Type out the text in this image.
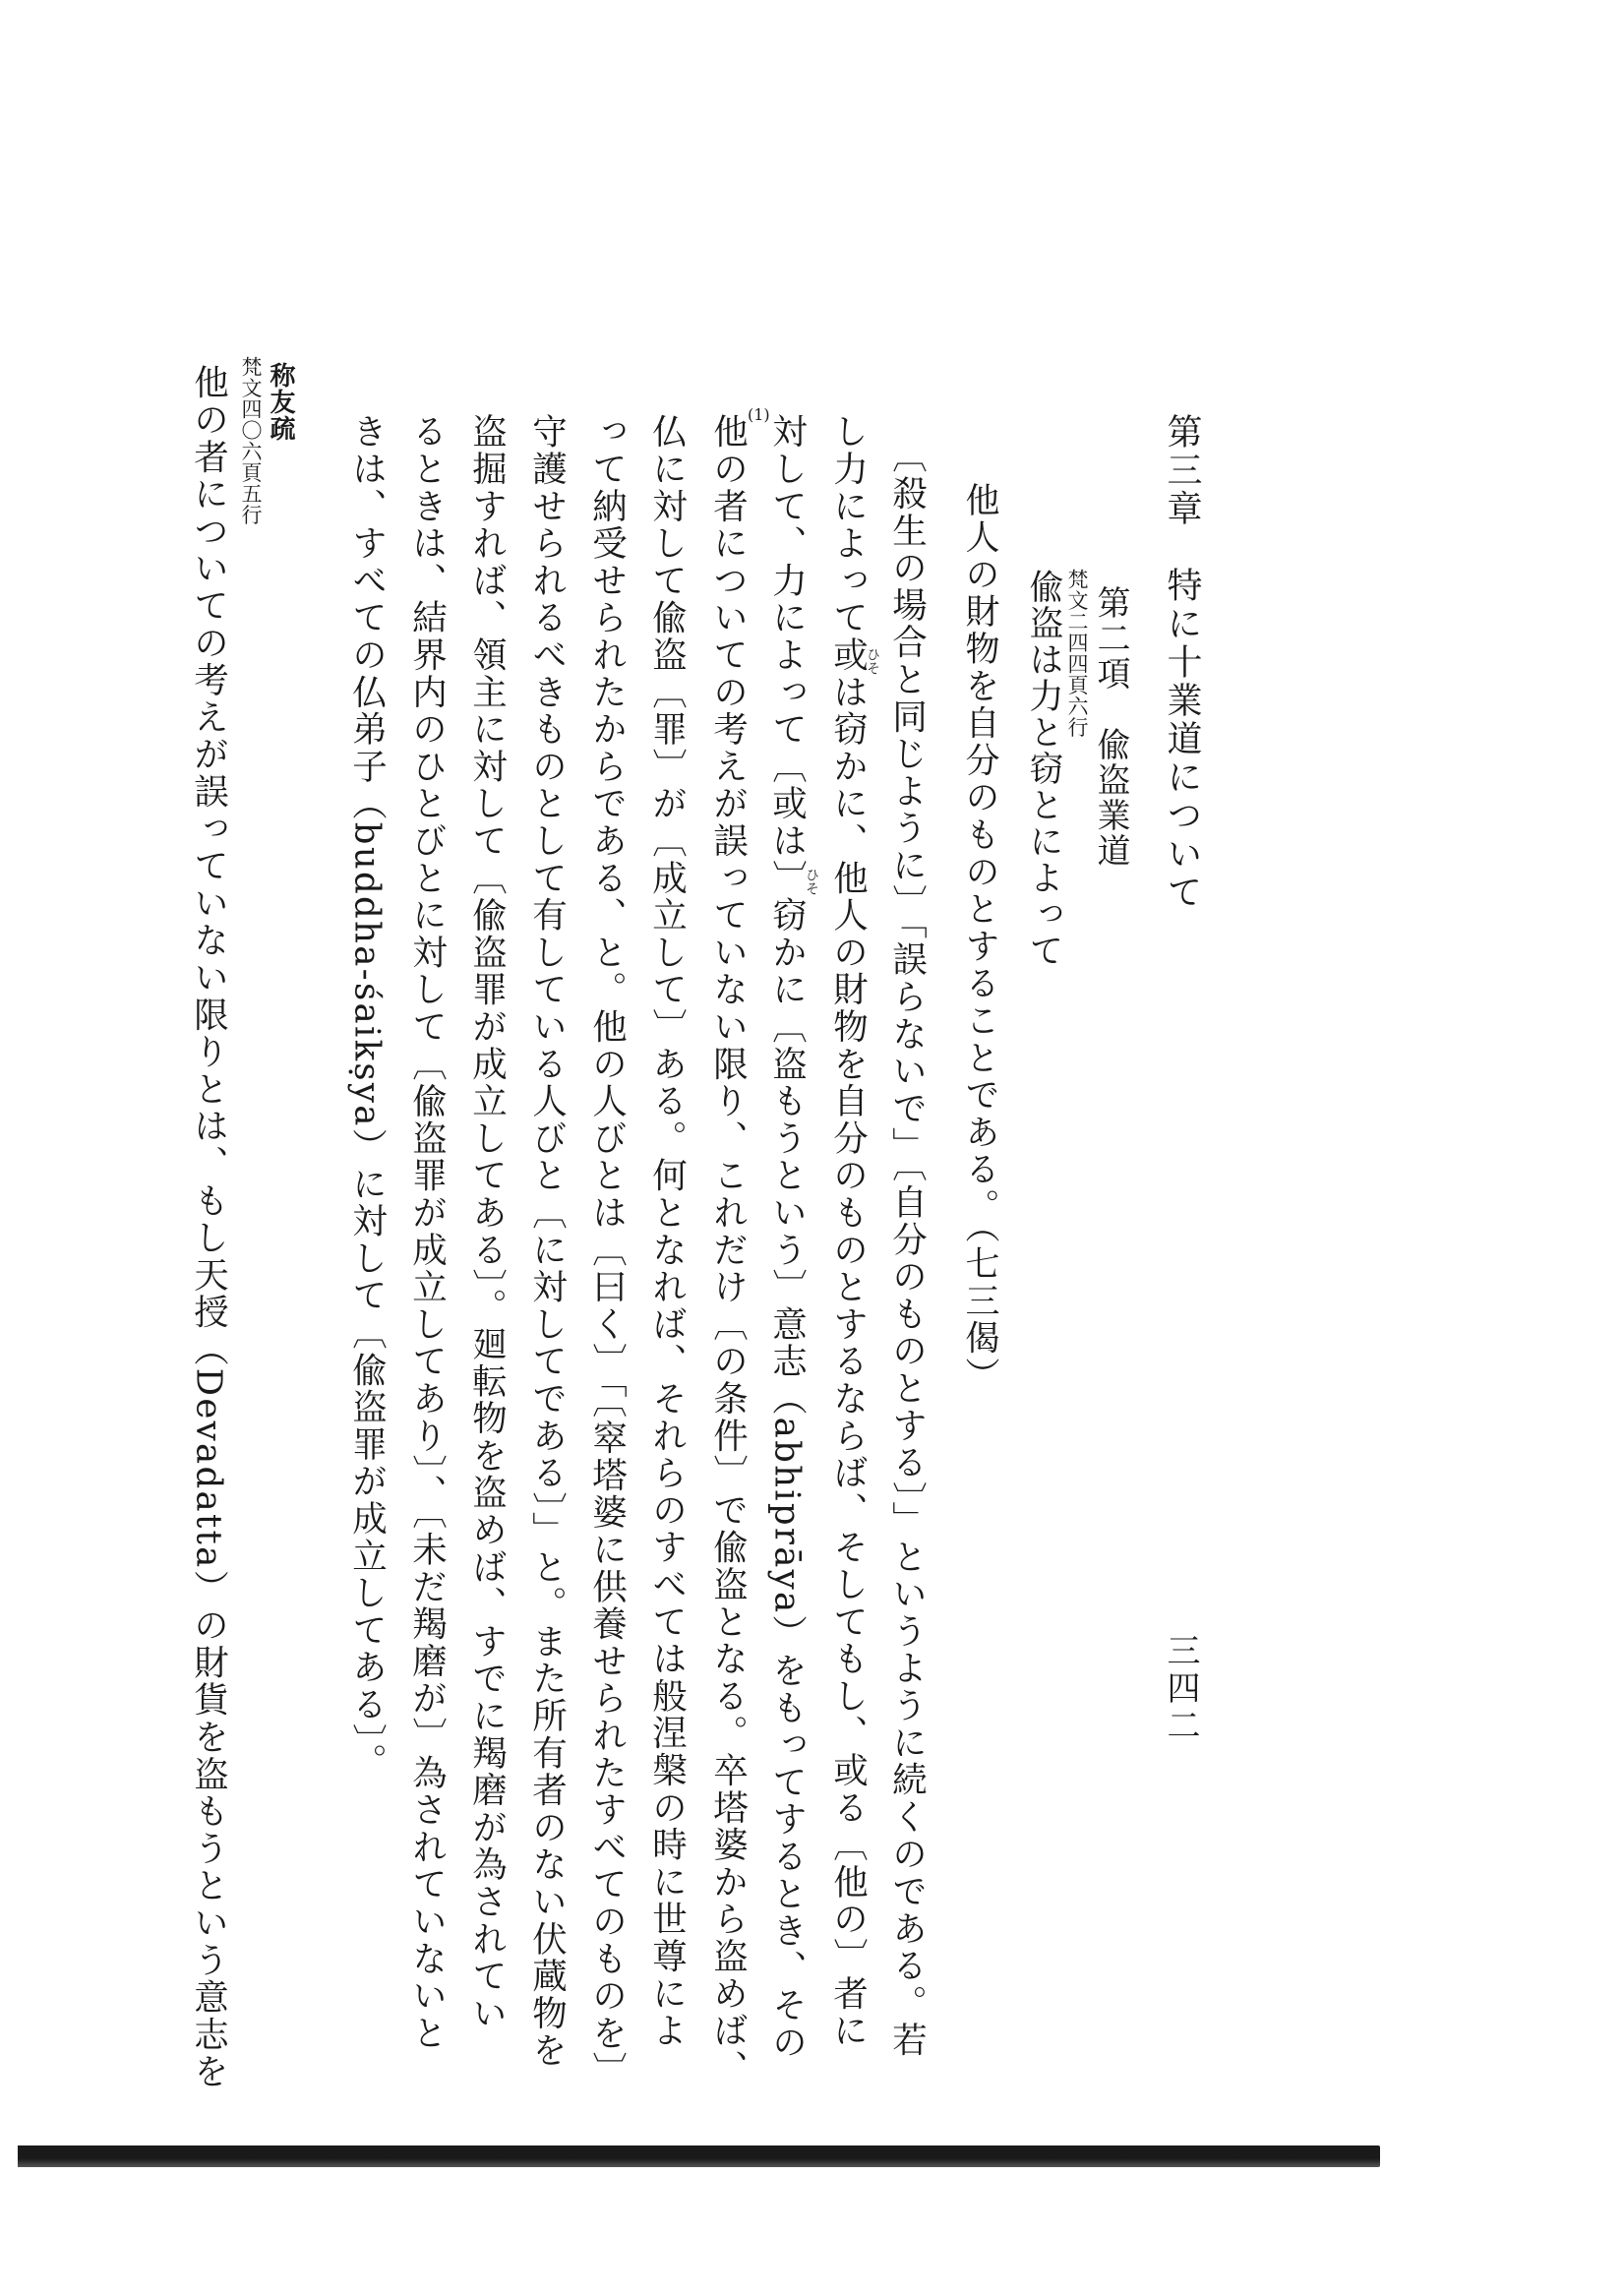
第三章　特に十業道について
三四二
第二項　偸盗業道
梵文二四四頁六行
偸盗は力と窃とによって
他人の財物を自分のものとすることである。（七三偈）
〔殺生の場合と同じように〕「誤らないで」〔自分のものとする〕」というように続くのである。若
し力によって或は窃かに、他人の財物を自分のものとするならば、そしてもし、或る〔他の〕者に
対して、力によって〔或は〕窃かに〔盗もうという〕意志（abhiprāya）をもってするとき、その
他の者についての考えが誤っていない限り、これだけ〔の条件〕で偸盗となる。卒塔婆から盗めば、
仏に対して偸盗〔罪〕が〔成立して〕ある。何となれば、それらのすべては般涅槃の時に世尊によ
って納受せられたからである、と。他の人びとは〔曰く〕「〔窣塔婆に供養せられたすべてのものを〕
守護せられるべきものとして有している人びと〔に対してである〕」と。また所有者のない伏蔵物を
盗掘すれば、領主に対して〔偸盗罪が成立してある〕。廻転物を盗めば、すでに羯磨が為されてい
るときは、結界内のひとびとに対して〔偸盗罪が成立してあり〕、〔未だ羯磨が〕為されていないと
きは、すべての仏弟子（buddha-śaikṣya）に対して〔偸盗罪が成立してある〕。
称友疏
梵文四〇六頁五行
他の者についての考えが誤っていない限りとは、もし天授（Devadatta）の財貨を盗もうという意志を	ひそ
ひそ
(1)
